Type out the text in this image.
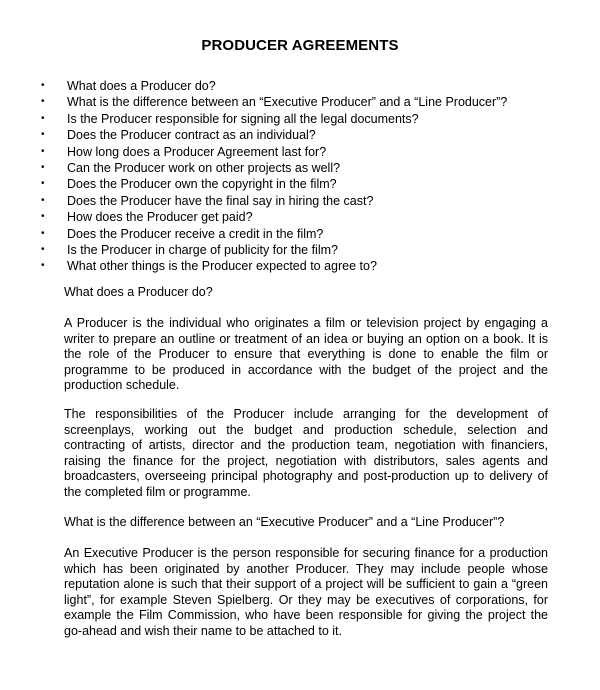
PRODUCER AGREEMENTS
• What does a Producer do?
• What is the difference between an “Executive Producer” and a “Line Producer”?
• Is the Producer responsible for signing all the legal documents?
• Does the Producer contract as an individual?
• How long does a Producer Agreement last for?
• Can the Producer work on other projects as well?
• Does the Producer own the copyright in the film?
• Does the Producer have the final say in hiring the cast?
• How does the Producer get paid?
• Does the Producer receive a credit in the film?
• Is the Producer in charge of publicity for the film?
• What other things is the Producer expected to agree to?
What does a Producer do?

A Producer is the individual who originates a film or television project by engaging a writer to prepare an outline or treatment of an idea or buying an option on a book. It is the role of the Producer to ensure that everything is done to enable the film or programme to be produced in accordance with the budget of the project and the production schedule.

The responsibilities of the Producer include arranging for the development of screenplays, working out the budget and production schedule, selection and contracting of artists, director and the production team, negotiation with financiers, raising the finance for the project, negotiation with distributors, sales agents and broadcasters, overseeing principal photography and post-production up to delivery of the completed film or programme.

What is the difference between an “Executive Producer” and a “Line Producer”?

An Executive Producer is the person responsible for securing finance for a production which has been originated by another Producer. They may include people whose reputation alone is such that their support of a project will be sufficient to gain a “green light”, for example Steven Spielberg. Or they may be executives of corporations, for example the Film Commission, who have been responsible for giving the project the go-ahead and wish their name to be attached to it.
